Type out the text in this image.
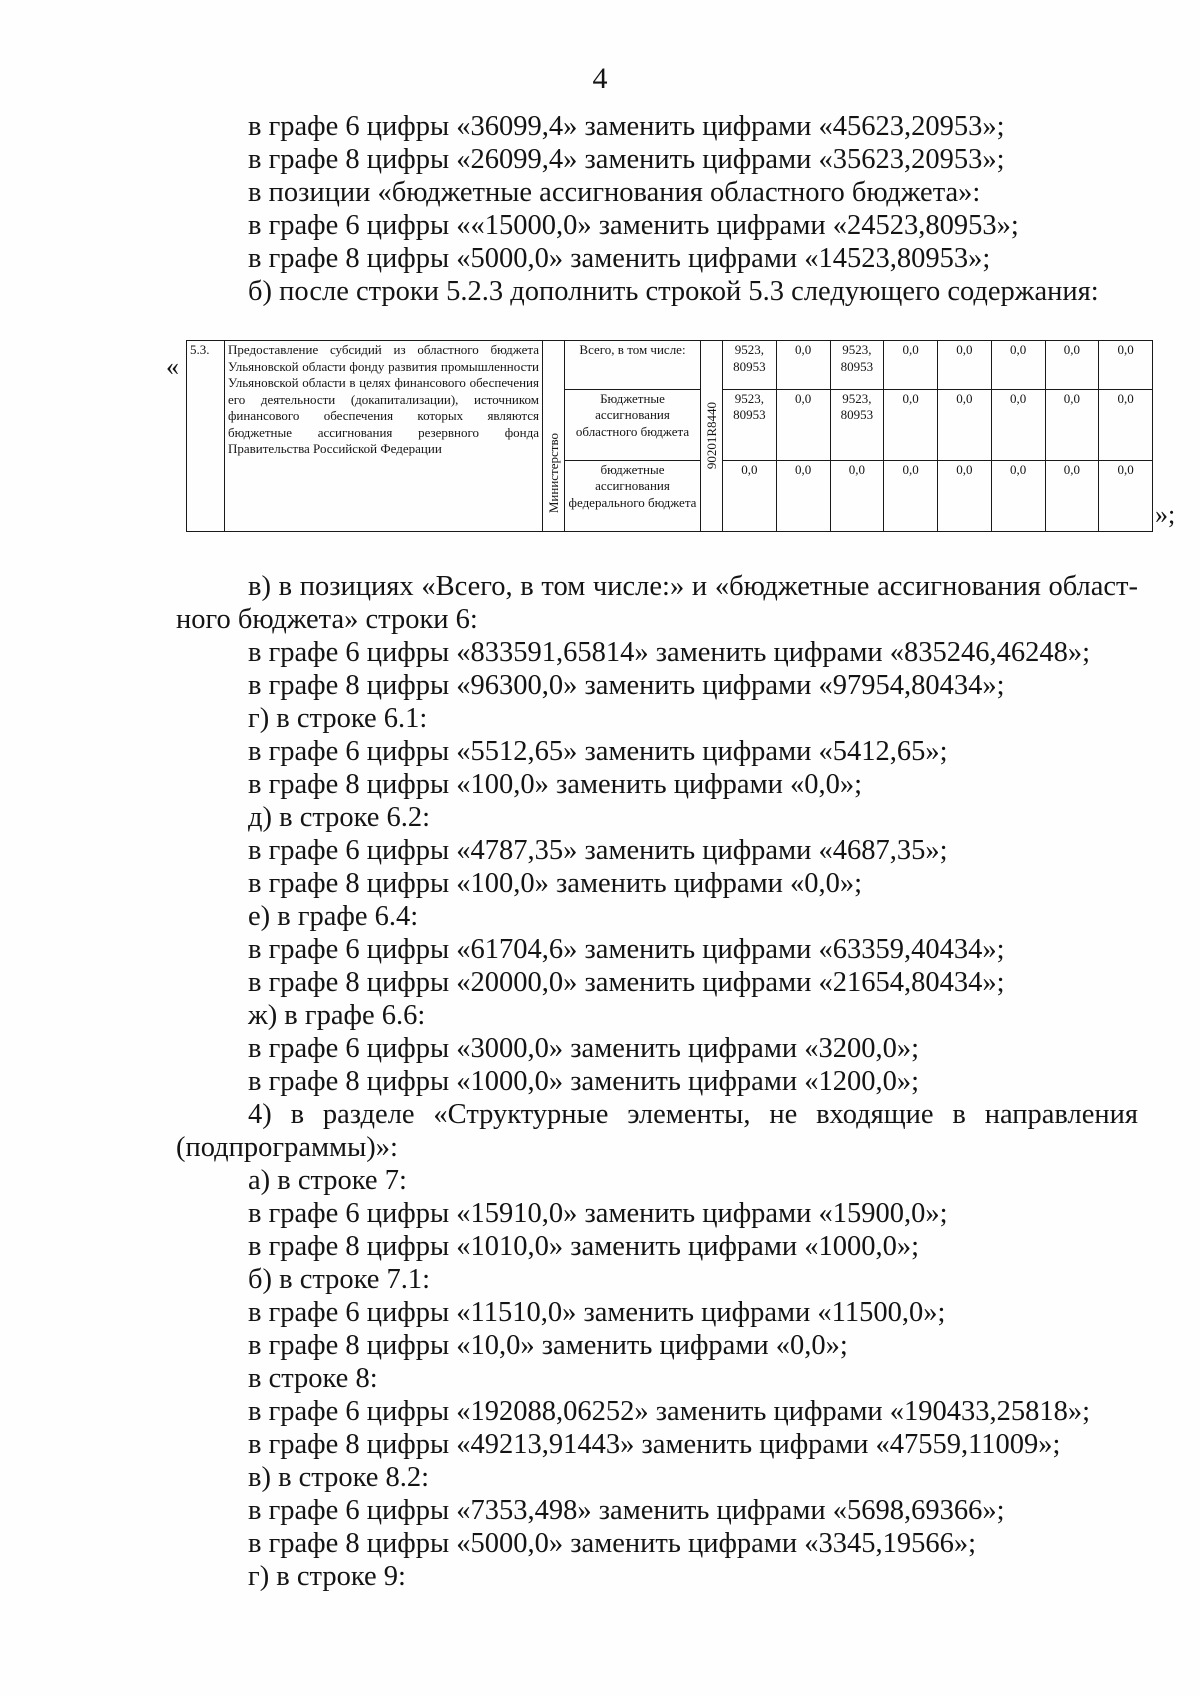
4
в графе 6 цифры «36099,4» заменить цифрами «45623,20953»;
в графе 8 цифры «26099,4» заменить цифрами «35623,20953»;
в позиции «бюджетные ассигнования областного бюджета»:
в графе 6 цифры ««15000,0» заменить цифрами «24523,80953»;
в графе 8 цифры «5000,0» заменить цифрами «14523,80953»;
б) после строки 5.2.3 дополнить строкой 5.3 следующего содержания:
«
5.3.	Предоставление субсидий из областного бюджета Ульяновской области фонду развития промышленности Ульяновской области в целях финансового обеспечения его деятельности (докапитализации), источником финансового обеспечения которых являются бюджетные ассигнования резервного фонда Правительства Российской Федерации	Министерство	Всего, в том числе:	90201R8440	9523, 80953	0,0	9523, 80953	0,0	0,0	0,0	0,0	0,0
			Бюджетные ассигнования областного бюджета		9523, 80953	0,0	9523, 80953	0,0	0,0	0,0	0,0	0,0
			бюджетные ассигнования федерального бюджета		0,0	0,0	0,0	0,0	0,0	0,0	0,0	0,0
»;
в) в позициях «Всего, в том числе:» и «бюджетные ассигнования област-
ного бюджета» строки 6:
в графе 6 цифры «833591,65814» заменить цифрами «835246,46248»;
в графе 8 цифры «96300,0» заменить цифрами «97954,80434»;
г) в строке 6.1:
в графе 6 цифры «5512,65» заменить цифрами «5412,65»;
в графе 8 цифры «100,0» заменить цифрами «0,0»;
д) в строке 6.2:
в графе 6 цифры «4787,35» заменить цифрами «4687,35»;
в графе 8 цифры «100,0» заменить цифрами «0,0»;
е) в графе 6.4:
в графе 6 цифры «61704,6» заменить цифрами «63359,40434»;
в графе 8 цифры «20000,0» заменить цифрами «21654,80434»;
ж) в графе 6.6:
в графе 6 цифры «3000,0» заменить цифрами «3200,0»;
в графе 8 цифры «1000,0» заменить цифрами «1200,0»;
4) в разделе «Структурные элементы, не входящие в направления
(подпрограммы)»:
а) в строке 7:
в графе 6 цифры «15910,0» заменить цифрами «15900,0»;
в графе 8 цифры «1010,0» заменить цифрами «1000,0»;
б) в строке 7.1:
в графе 6 цифры «11510,0» заменить цифрами «11500,0»;
в графе 8 цифры «10,0» заменить цифрами «0,0»;
в строке 8:
в графе 6 цифры «192088,06252» заменить цифрами «190433,25818»;
в графе 8 цифры «49213,91443» заменить цифрами «47559,11009»;
в) в строке 8.2:
в графе 6 цифры «7353,498» заменить цифрами «5698,69366»;
в графе 8 цифры «5000,0» заменить цифрами «3345,19566»;
г) в строке 9:
